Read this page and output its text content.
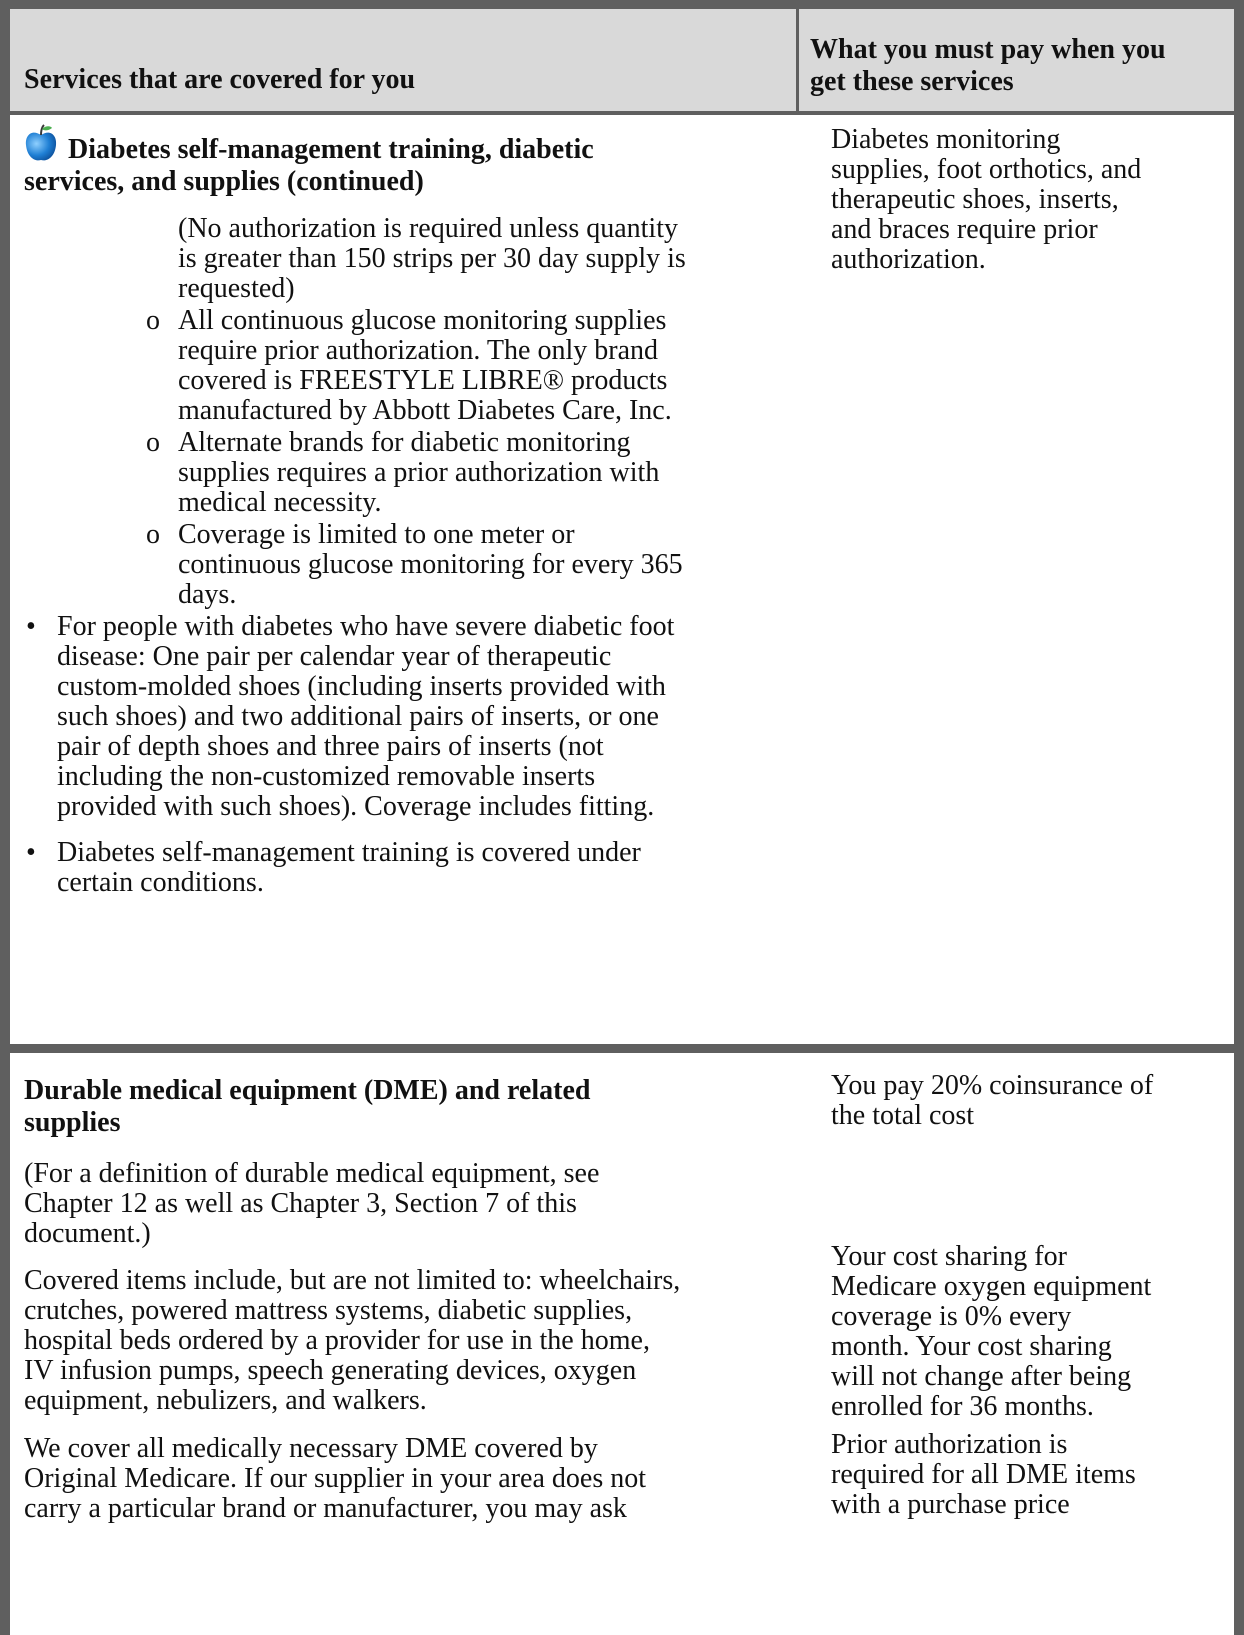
Services that are covered for you
What you must pay when you
get these services
Diabetes self-management training, diabetic
services, and supplies (continued)
(No authorization is required unless quantity
is greater than 150 strips per 30 day supply is
requested)
o All continuous glucose monitoring supplies
require prior authorization. The only brand
covered is FREESTYLE LIBRE® products
manufactured by Abbott Diabetes Care, Inc.
o Alternate brands for diabetic monitoring
supplies requires a prior authorization with
medical necessity.
o Coverage is limited to one meter or
continuous glucose monitoring for every 365
days.
• For people with diabetes who have severe diabetic foot
disease: One pair per calendar year of therapeutic
custom-molded shoes (including inserts provided with
such shoes) and two additional pairs of inserts, or one
pair of depth shoes and three pairs of inserts (not
including the non-customized removable inserts
provided with such shoes). Coverage includes fitting.
• Diabetes self-management training is covered under
certain conditions.
Diabetes monitoring
supplies, foot orthotics, and
therapeutic shoes, inserts,
and braces require prior
authorization.
Durable medical equipment (DME) and related
supplies
(For a definition of durable medical equipment, see
Chapter 12 as well as Chapter 3, Section 7 of this
document.)
Covered items include, but are not limited to: wheelchairs,
crutches, powered mattress systems, diabetic supplies,
hospital beds ordered by a provider for use in the home,
IV infusion pumps, speech generating devices, oxygen
equipment, nebulizers, and walkers.
We cover all medically necessary DME covered by
Original Medicare. If our supplier in your area does not
carry a particular brand or manufacturer, you may ask
You pay 20% coinsurance of
the total cost
Your cost sharing for
Medicare oxygen equipment
coverage is 0% every
month. Your cost sharing
will not change after being
enrolled for 36 months.
Prior authorization is
required for all DME items
with a purchase price
